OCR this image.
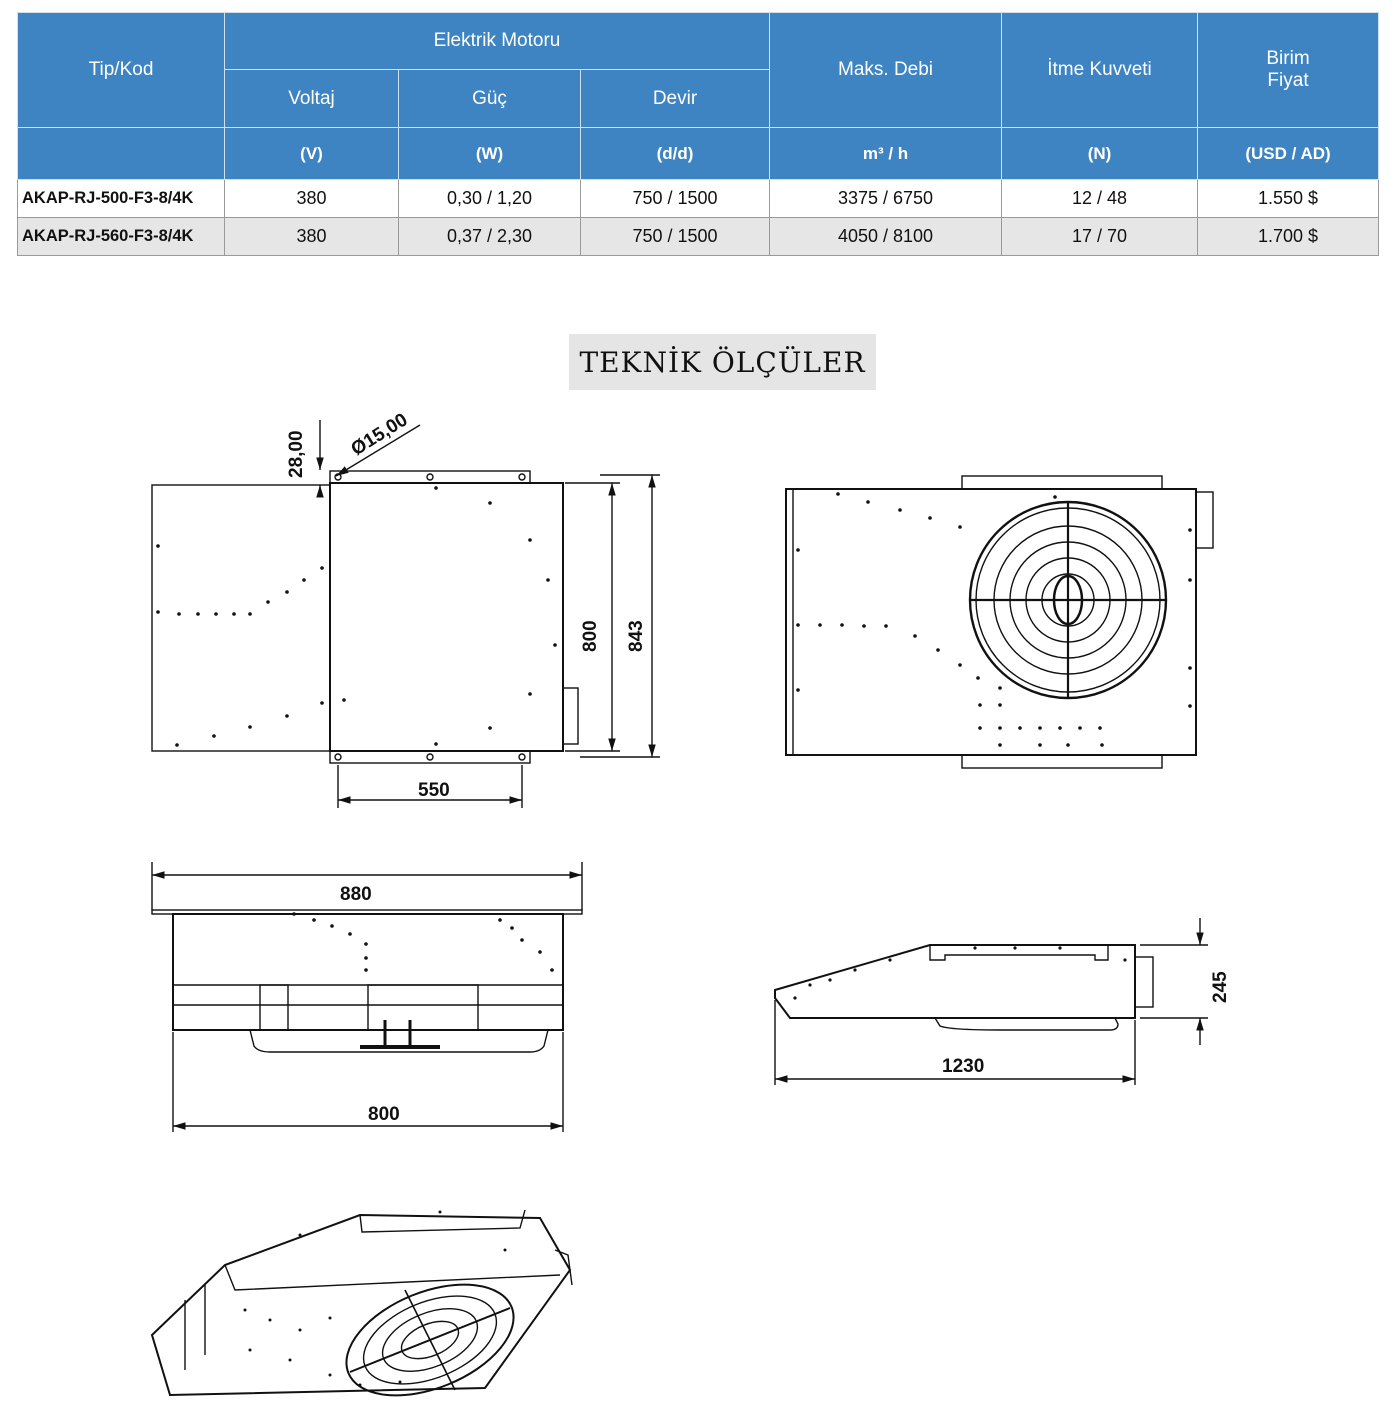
Tip/Kod	Elektrik Motoru			Maks. Debi	İtme Kuvveti	Birim
Fiyat
	Voltaj	Güç	Devir			
	(V)	(W)	(d/d)	m³ / h	(N)	(USD / AD)
AKAP-RJ-500-F3-8/4K	380	0,30 / 1,20	750 / 1500	3375 / 6750	12 / 48	1.550 $
AKAP-RJ-560-F3-8/4K	380	0,37 / 2,30	750 / 1500	4050 / 8100	17 / 70	1.700 $
TEKNİK ÖLÇÜLER
28,00 Ø15,00
800 843
550
880
800
245
1230
